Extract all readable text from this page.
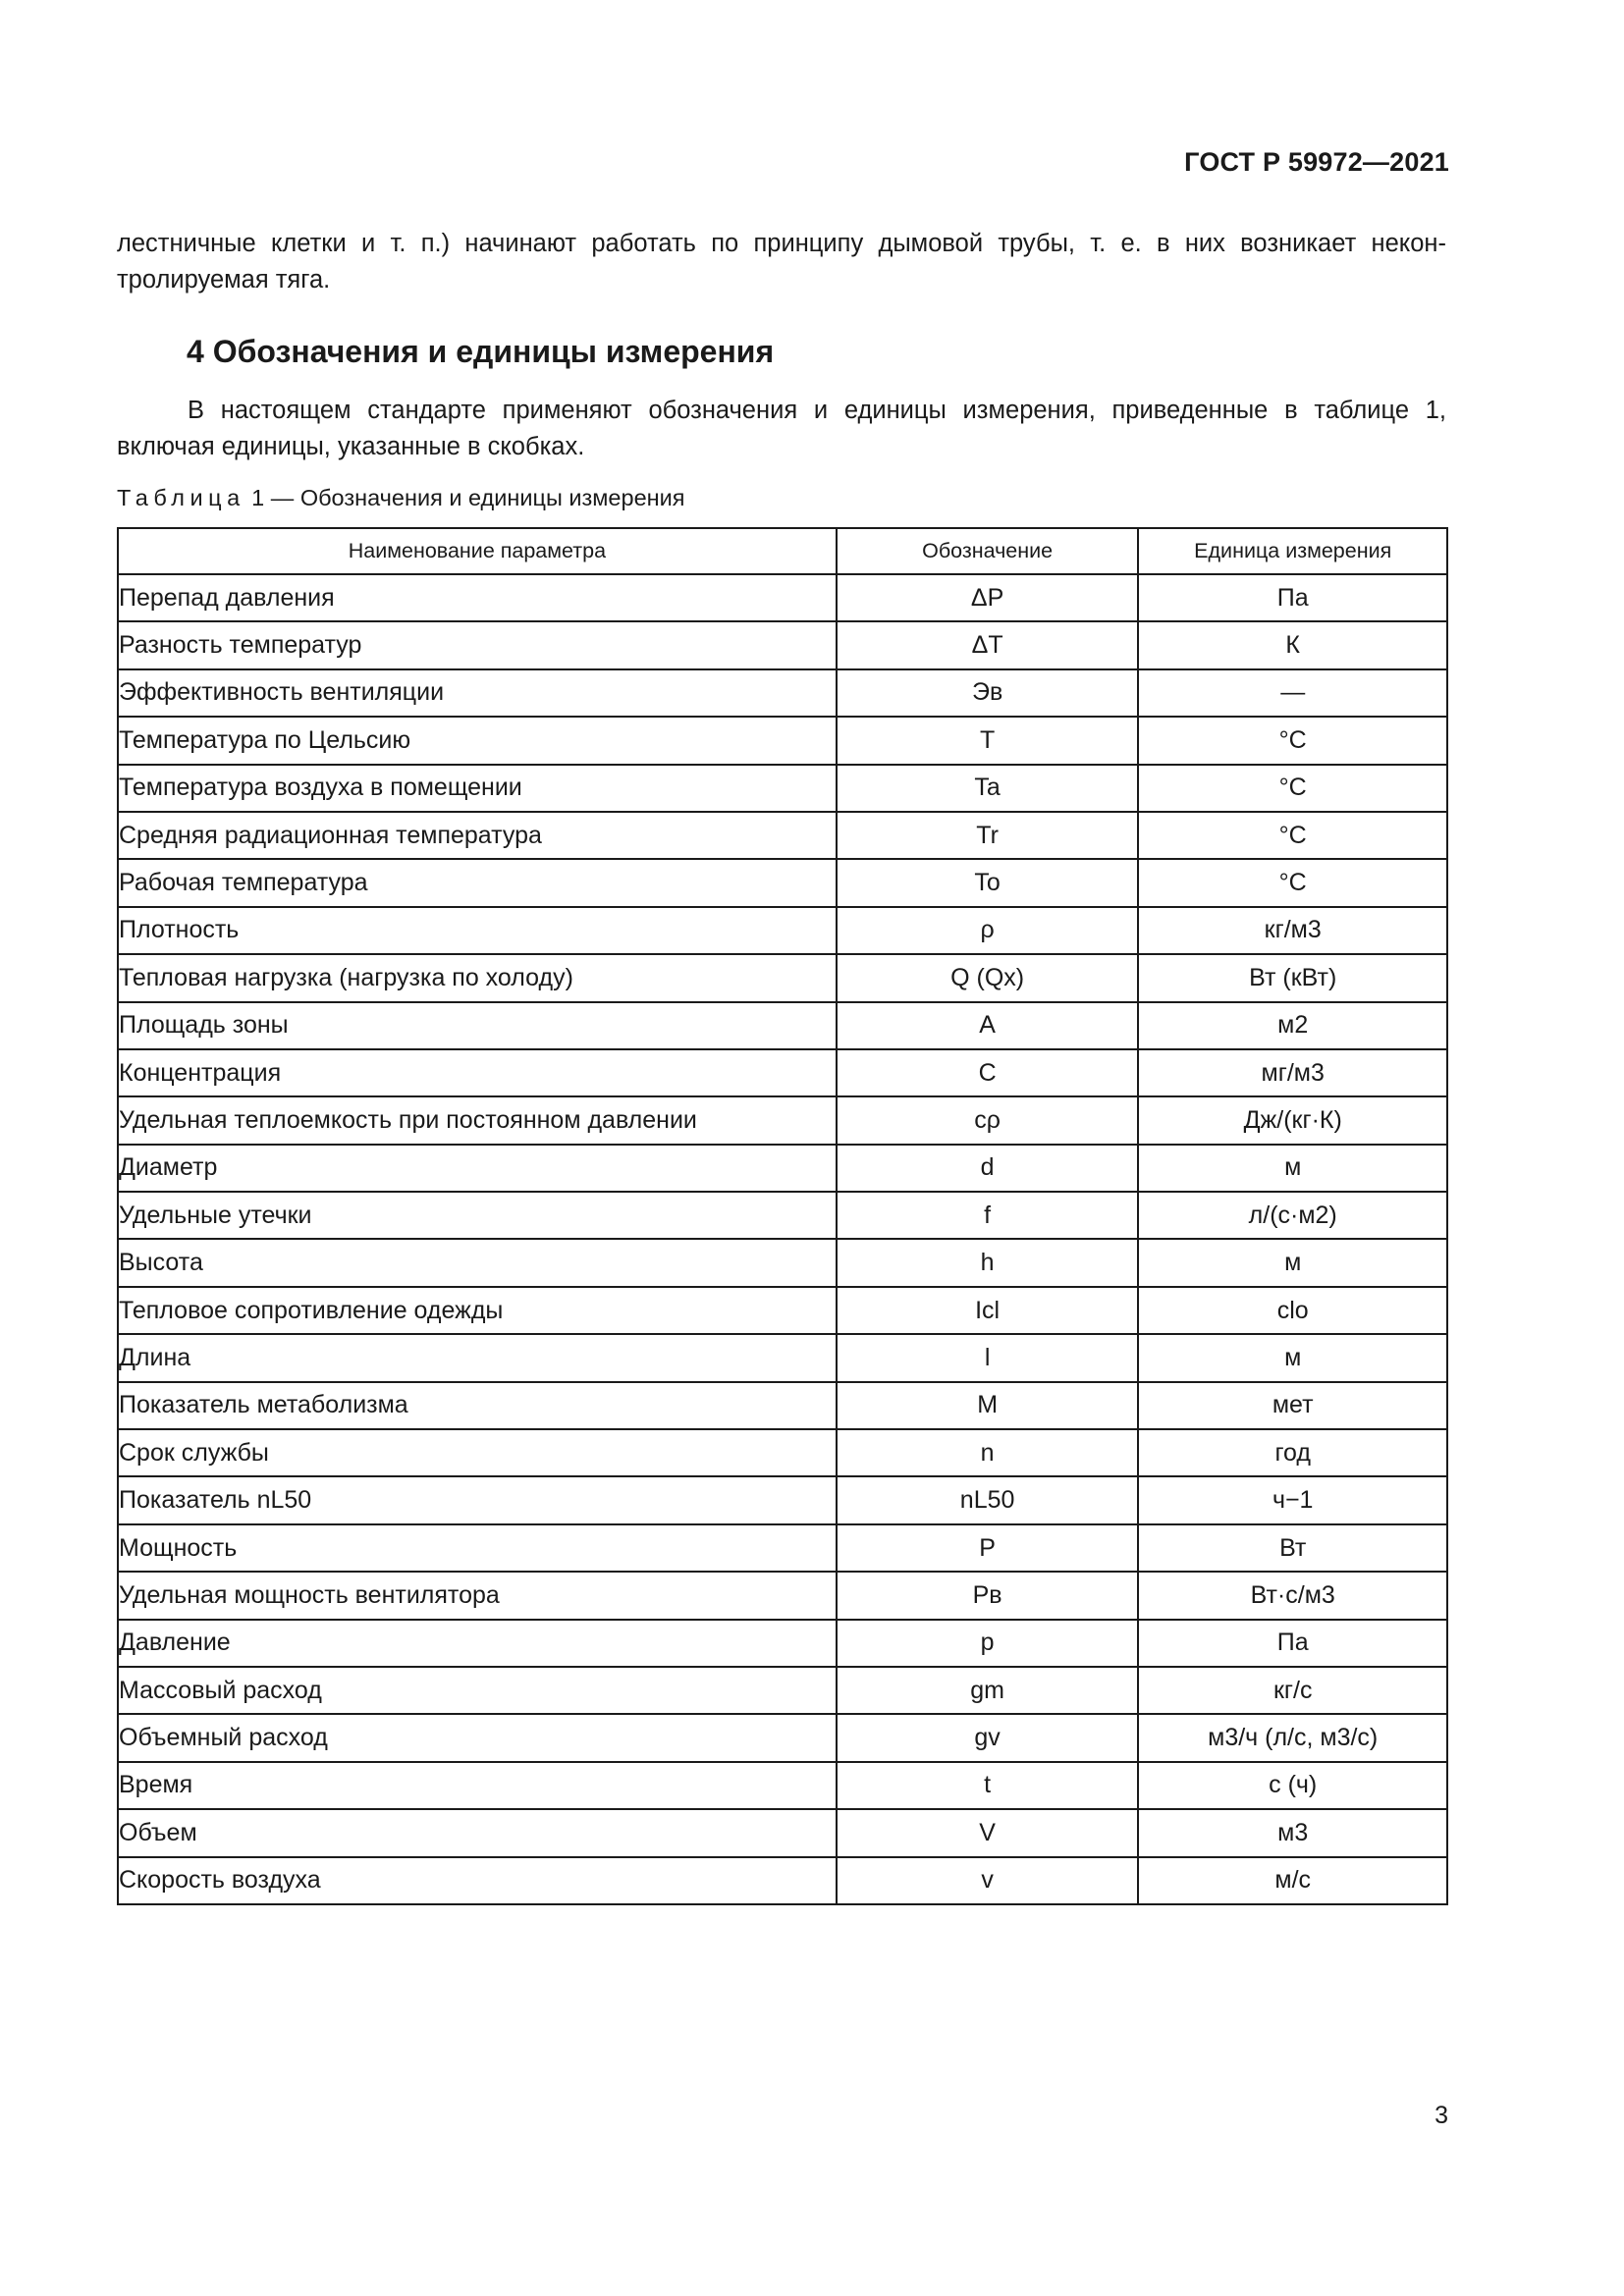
ГОСТ Р 59972—2021
лестничные клетки и т. п.) начинают работать по принципу дымовой трубы, т. е. в них возникает некон- тролируемая тяга.
4 Обозначения и единицы измерения
В настоящем стандарте применяют обозначения и единицы измерения, приведенные в таблице 1, включая единицы, указанные в скобках.
Таблица 1 — Обозначения и единицы измерения
Наименование параметра	Обозначение	Единица измерения
Перепад давления	ΔP	Па
Разность температур	ΔT	К
Эффективность вентиляции	Эв	—
Температура по Цельсию	T	°C
Температура воздуха в помещении	Ta	°C
Средняя радиационная температура	Tr	°C
Рабочая температура	To	°C
Плотность	ρ	кг/м3
Тепловая нагрузка (нагрузка по холоду)	Q (Qx)	Вт (кВт)
Площадь зоны	A	м2
Концентрация	C	мг/м3
Удельная теплоемкость при постоянном давлении	cρ	Дж/(кг·К)
Диаметр	d	м
Удельные утечки	f	л/(с·м2)
Высота	h	м
Тепловое сопротивление одежды	Icl	clo
Длина	l	м
Показатель метаболизма	M	мет
Срок службы	n	год
Показатель nL50	nL50	ч−1
Мощность	P	Вт
Удельная мощность вентилятора	Pв	Вт·с/м3
Давление	p	Па
Массовый расход	gm	кг/с
Объемный расход	gv	м3/ч (л/с, м3/с)
Время	t	с (ч)
Объем	V	м3
Скорость воздуха	v	м/с
3
